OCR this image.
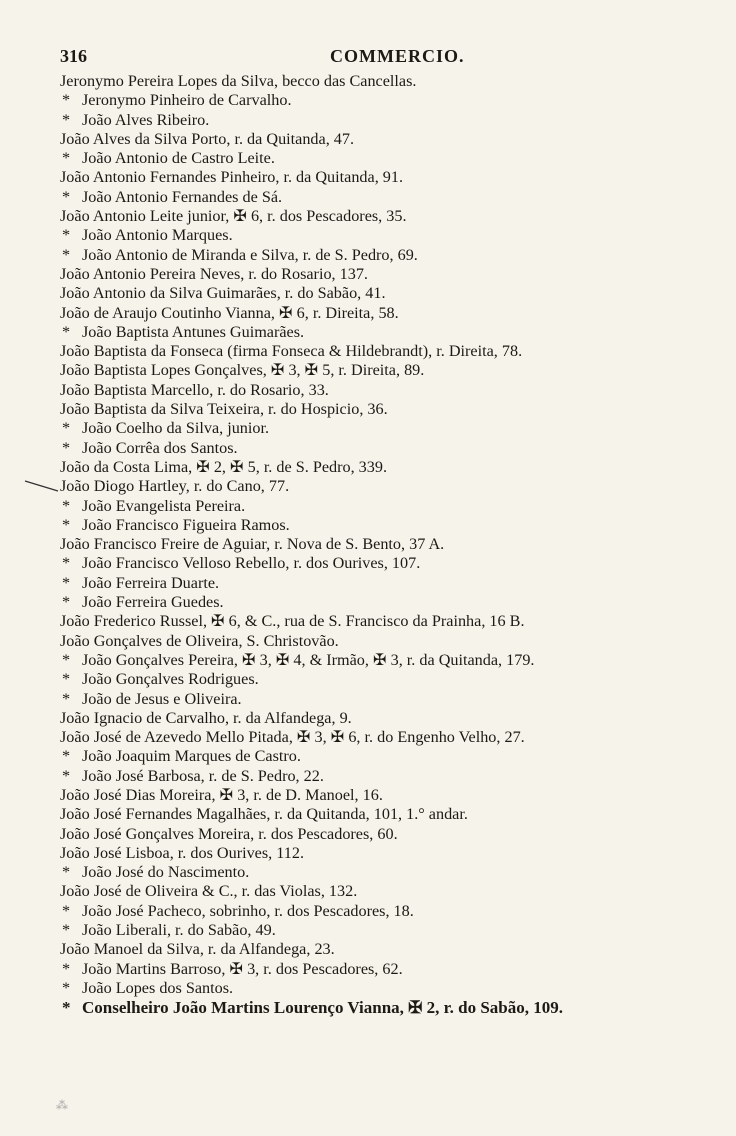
316	COMMERCIO.
Jeronymo Pereira Lopes da Silva, becco das Cancellas.
* Jeronymo Pinheiro de Carvalho.
* João Alves Ribeiro.
João Alves da Silva Porto, r. da Quitanda, 47.
* João Antonio de Castro Leite.
João Antonio Fernandes Pinheiro, r. da Quitanda, 91.
* João Antonio Fernandes de Sá.
João Antonio Leite junior, ✠ 6, r. dos Pescadores, 35.
* João Antonio Marques.
* João Antonio de Miranda e Silva, r. de S. Pedro, 69.
João Antonio Pereira Neves, r. do Rosario, 137.
João Antonio da Silva Guimarães, r. do Sabão, 41.
João de Araujo Coutinho Vianna, ✠ 6, r. Direita, 58.
* João Baptista Antunes Guimarães.
João Baptista da Fonseca (firma Fonseca & Hildebrandt), r. Direita, 78.
João Baptista Lopes Gonçalves, ✠ 3, ✠ 5, r. Direita, 89.
João Baptista Marcello, r. do Rosario, 33.
João Baptista da Silva Teixeira, r. do Hospicio, 36.
* João Coelho da Silva, junior.
* João Corrêa dos Santos.
João da Costa Lima, ✠ 2, ✠ 5, r. de S. Pedro, 339.
João Diogo Hartley, r. do Cano, 77.
* João Evangelista Pereira.
* João Francisco Figueira Ramos.
João Francisco Freire de Aguiar, r. Nova de S. Bento, 37 A.
* João Francisco Velloso Rebello, r. dos Ourives, 107.
* João Ferreira Duarte.
* João Ferreira Guedes.
João Frederico Russel, ✠ 6, & C., rua de S. Francisco da Prainha, 16 B.
João Gonçalves de Oliveira, S. Christovão.
* João Gonçalves Pereira, ✠ 3, ✠ 4, & Irmão, ✠ 3, r. da Quitanda, 179.
* João Gonçalves Rodrigues.
* João de Jesus e Oliveira.
João Ignacio de Carvalho, r. da Alfandega, 9.
João José de Azevedo Mello Pitada, ✠ 3, ✠ 6, r. do Engenho Velho, 27.
* João Joaquim Marques de Castro.
* João José Barbosa, r. de S. Pedro, 22.
João José Dias Moreira, ✠ 3, r. de D. Manoel, 16.
João José Fernandes Magalhães, r. da Quitanda, 101, 1.° andar.
João José Gonçalves Moreira, r. dos Pescadores, 60.
João José Lisboa, r. dos Ourives, 112.
* João José do Nascimento.
João José de Oliveira & C., r. das Violas, 132.
* João José Pacheco, sobrinho, r. dos Pescadores, 18.
* João Liberali, r. do Sabão, 49.
João Manoel da Silva, r. da Alfandega, 23.
* João Martins Barroso, ✠ 3, r. dos Pescadores, 62.
* João Lopes dos Santos.
* Conselheiro João Martins Lourenço Vianna, ✠ 2, r. do Sabão, 109.
⁂
